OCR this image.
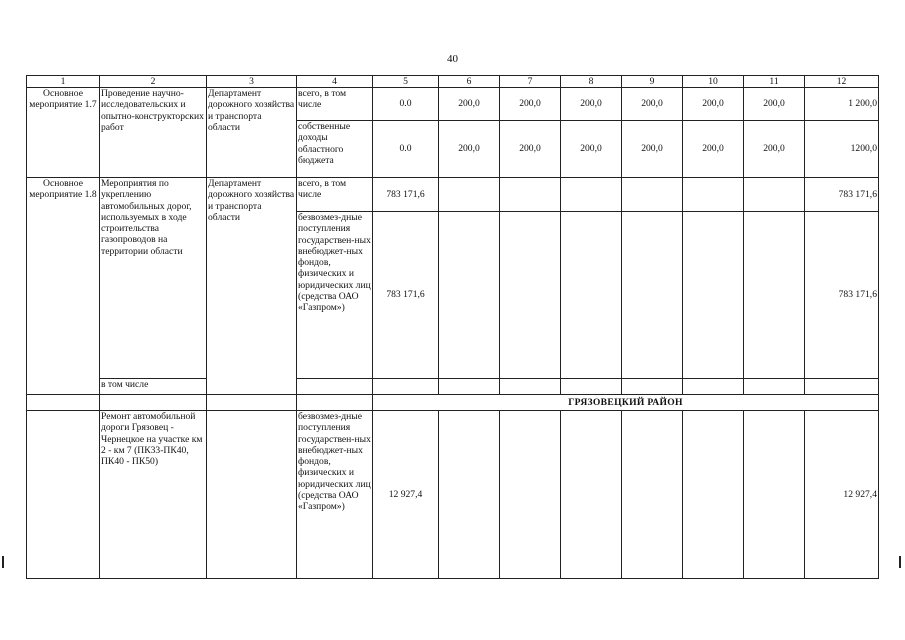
40
1	2	3	4	5	6	7	8	9	10	11	12
Основное мероприятие 1.7	Проведение научно-исследовательских и опытно-конструкторских работ	Департамент дорожного хозяйства и транспорта области	всего, в том числе	0.0	200,0	200,0	200,0	200,0	200,0	200,0	1 200,0
			собственные доходы областного бюджета	0.0	200,0	200,0	200,0	200,0	200,0	200,0	1200,0
Основное мероприятие 1.8	Мероприятия по укреплению автомобильных дорог, используемых в ходе строительства газопроводов на территории области	Департамент дорожного хозяйства и транспорта области	всего, в том числе	783 171,6							783 171,6
			безвозмез-дные поступления государствен-ных внебюджет-ных фондов, физических и юридических лиц (средства ОАО «Газпром»)	783 171,6							783 171,6
	в том числе										
				ГРЯЗОВЕЦКИЙ РАЙОН							
	Ремонт автомобильной дороги Грязовец - Чернецкое на участке км 2 - км 7 (ПК33-ПК40, ПК40 - ПК50)		безвозмез-дные поступления государствен-ных внебюджет-ных фондов, физических и юридических лиц (средства ОАО «Газпром»)	12 927,4							12 927,4
